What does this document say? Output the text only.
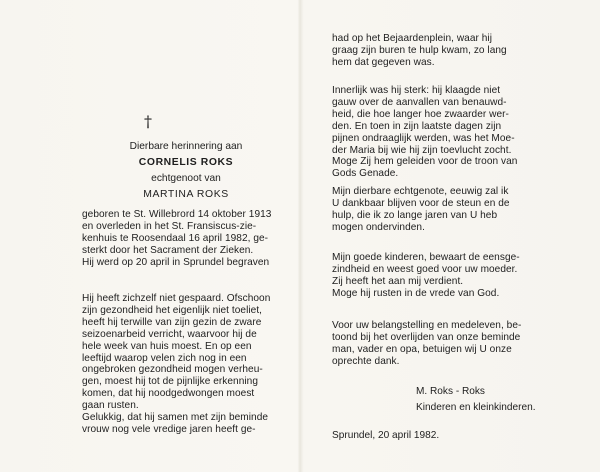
†
Dierbare herinnering aan
CORNELIS ROKS
echtgenoot van
MARTINA ROKS
geboren te St. Willebrord 14 oktober 1913
en overleden in het St. Fransiscus-zie-
kenhuis te Roosendaal 16 april 1982, ge-
sterkt door het Sacrament der Zieken.
Hij werd op 20 april in Sprundel begraven
Hij heeft zichzelf niet gespaard. Ofschoon
zijn gezondheid het eigenlijk niet toeliet,
heeft hij terwille van zijn gezin de zware
seizoenarbeid verricht, waarvoor hij de
hele week van huis moest. En op een
leeftijd waarop velen zich nog in een
ongebroken gezondheid mogen verheu-
gen, moest hij tot de pijnlijke erkenning
komen, dat hij noodgedwongen moest
gaan rusten.
Gelukkig, dat hij samen met zijn beminde
vrouw nog vele vredige jaren heeft ge-
had op het Bejaardenplein, waar hij
graag zijn buren te hulp kwam, zo lang
hem dat gegeven was.
Innerlijk was hij sterk: hij klaagde niet
gauw over de aanvallen van benauwd-
heid, die hoe langer hoe zwaarder wer-
den. En toen in zijn laatste dagen zijn
pijnen ondraaglijk werden, was het Moe-
der Maria bij wie hij zijn toevlucht zocht.
Moge Zij hem geleiden voor de troon van
Gods Genade.
Mijn dierbare echtgenote, eeuwig zal ik
U dankbaar blijven voor de steun en de
hulp, die ik zo lange jaren van U heb
mogen ondervinden.
Mijn goede kinderen, bewaart de eensge-
zindheid en weest goed voor uw moeder.
Zij heeft het aan mij verdient.
Moge hij rusten in de vrede van God.
Voor uw belangstelling en medeleven, be-
toond bij het overlijden van onze beminde
man, vader en opa, betuigen wij U onze
oprechte dank.
M. Roks - Roks
Kinderen en kleinkinderen.
Sprundel, 20 april 1982.
